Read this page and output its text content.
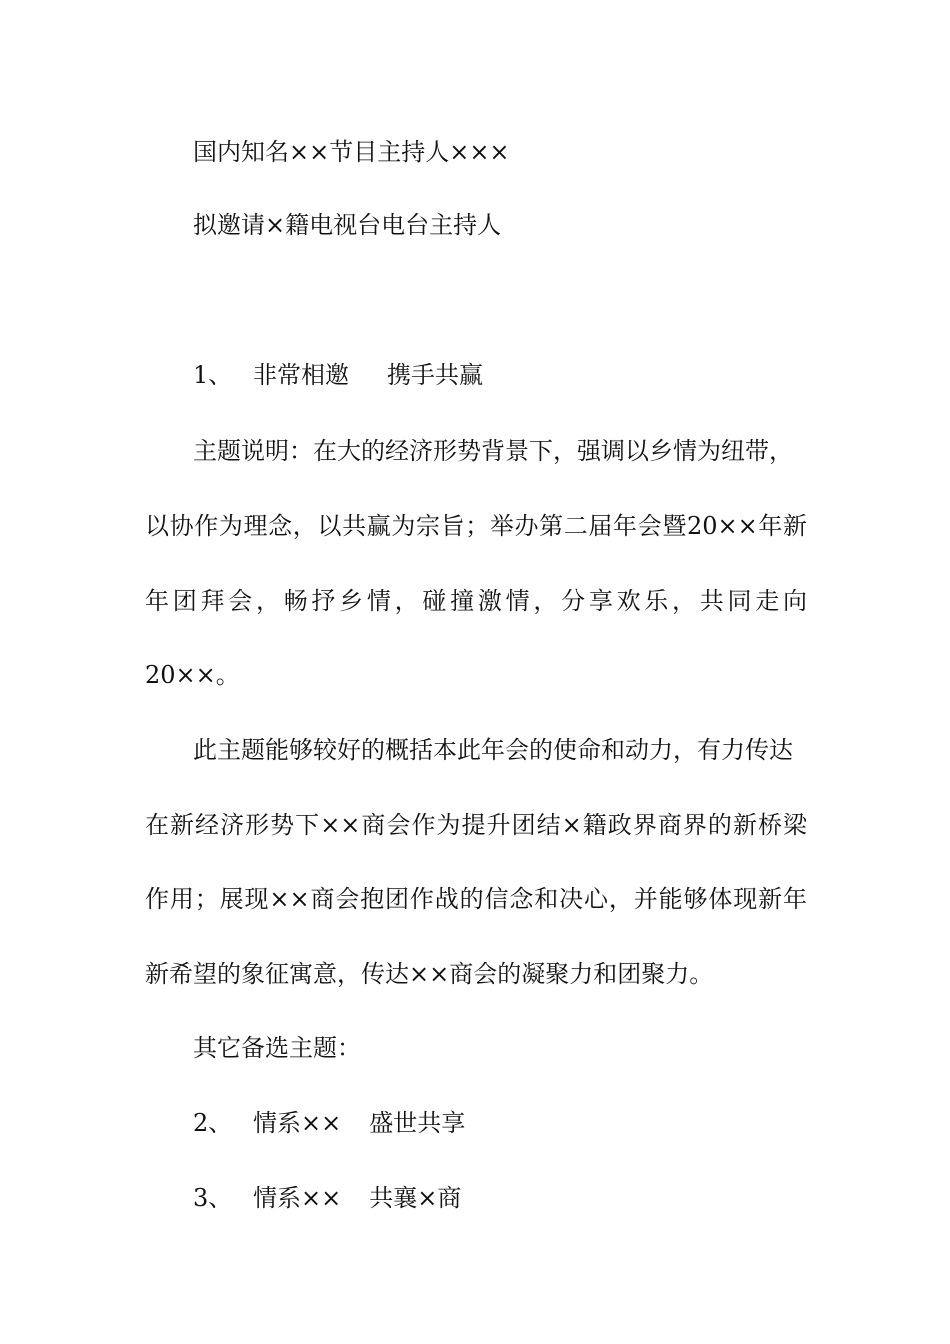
国内知名××节目主持人×××
拟邀请×籍电视台电台主持人
1、 非常相邀 携手共赢
主题说明：在大的经济形势背景下，强调以乡情为纽带，
以协作为理念，以共赢为宗旨；举办第二届年会暨20××年新
年团拜会，畅抒乡情，碰撞激情，分享欢乐，共同走向
20××。
此主题能够较好的概括本此年会的使命和动力，有力传达
在新经济形势下××商会作为提升团结×籍政界商界的新桥梁
作用；展现××商会抱团作战的信念和决心，并能够体现新年
新希望的象征寓意，传达××商会的凝聚力和团聚力。
其它备选主题：
2、 情系×× 盛世共享
3、 情系×× 共襄×商
